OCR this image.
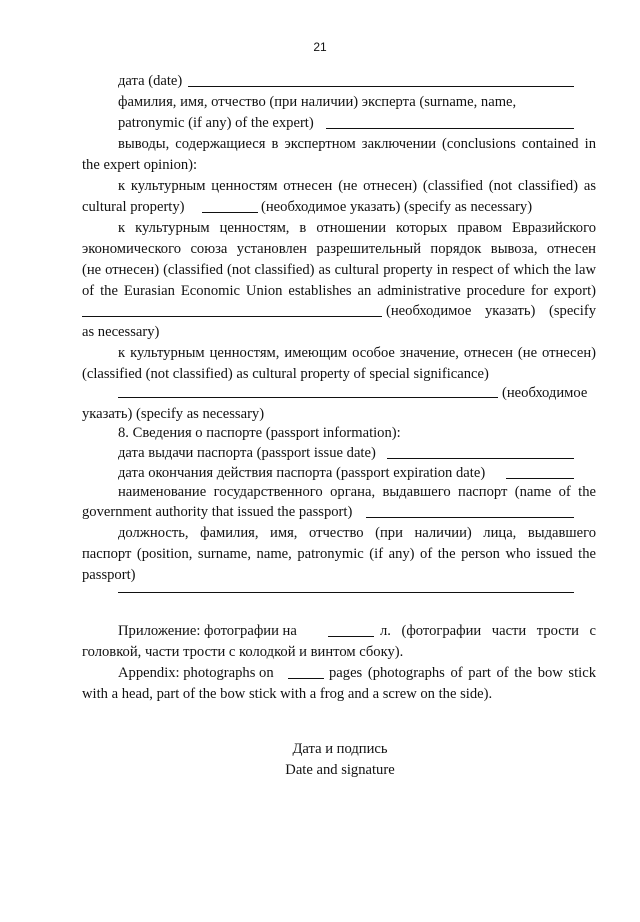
21
дата (date)
фамилия, имя, отчество (при наличии) эксперта (surname, name,
patronymic (if any) of the expert)
выводы, содержащиеся в экспертном заключении (conclusions contained in
the expert opinion):
к культурным ценностям отнесен (не отнесен) (classified (not classified) as
cultural property)	(необходимое указать) (specify as necessary)
к культурным ценностям, в отношении которых правом Евразийского
экономического союза установлен разрешительный порядок вывоза, отнесен
(не отнесен) (classified (not classified) as cultural property in respect of which the law
of the Eurasian Economic Union establishes an administrative procedure for export)
(необходимое указать) (specify
as necessary)
к культурным ценностям, имеющим особое значение, отнесен (не отнесен)
(classified (not classified) as cultural property of special significance)
(необходимое
указать) (specify as necessary)
8. Сведения о паспорте (passport information):
дата выдачи паспорта (passport issue date)
дата окончания действия паспорта (passport expiration date)
наименование государственного органа, выдавшего паспорт (name of the
government authority that issued the passport)
должность, фамилия, имя, отчество (при наличии) лица, выдавшего
паспорт (position, surname, name, patronymic (if any) of the person who issued the
passport)
Приложение: фотографии на	л. (фотографии части трости с
головкой, части трости с колодкой и винтом сбоку).
Appendix: photographs on	pages (photographs of part of the bow stick
with a head, part of the bow stick with a frog and a screw on the side).
Дата и подпись
Date and signature
